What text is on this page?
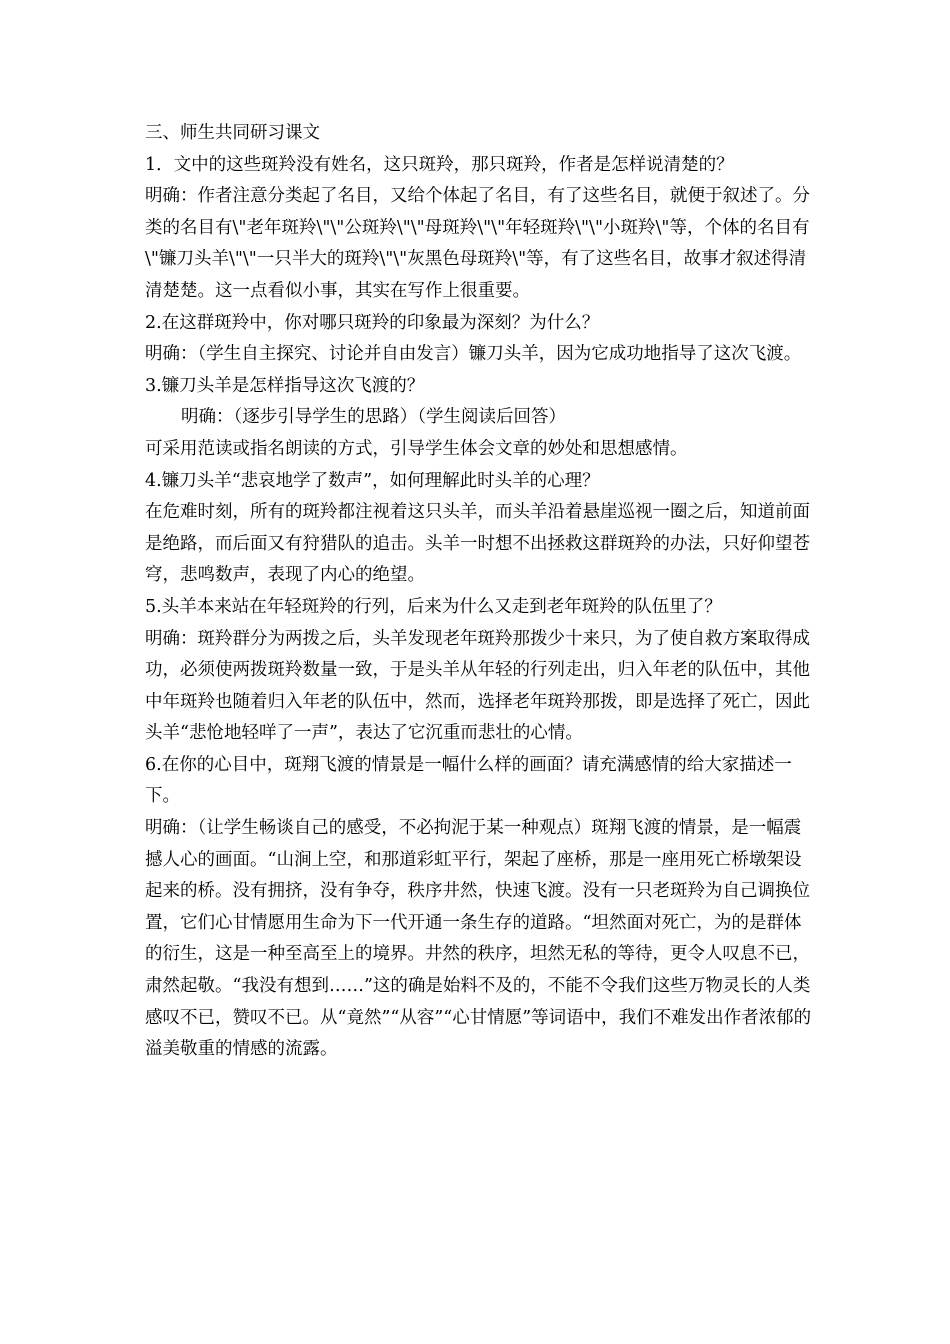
三、师生共同研习课文

1．文中的这些斑羚没有姓名，这只斑羚，那只斑羚，作者是怎样说清楚的？

明确：作者注意分类起了名目，又给个体起了名目，有了这些名目，就便于叙述了。分类的名目有\"老年斑羚\"\"公斑羚\"\"母斑羚\"\"年轻斑羚\"\"小斑羚\"等，个体的名目有\"镰刀头羊\"\"一只半大的斑羚\"\"灰黑色母斑羚\"等，有了这些名目，故事才叙述得清清楚楚。这一点看似小事，其实在写作上很重要。

2.在这群斑羚中，你对哪只斑羚的印象最为深刻？为什么？

明确：（学生自主探究、讨论并自由发言）镰刀头羊，因为它成功地指导了这次飞渡。

3.镰刀头羊是怎样指导这次飞渡的？

明确：（逐步引导学生的思路）（学生阅读后回答）

可采用范读或指名朗读的方式，引导学生体会文章的妙处和思想感情。

4.镰刀头羊“悲哀地学了数声”，如何理解此时头羊的心理？

在危难时刻，所有的斑羚都注视着这只头羊，而头羊沿着悬崖巡视一圈之后，知道前面是绝路，而后面又有狩猎队的追击。头羊一时想不出拯救这群斑羚的办法，只好仰望苍穹，悲鸣数声，表现了内心的绝望。

5.头羊本来站在年轻斑羚的行列，后来为什么又走到老年斑羚的队伍里了？

明确：斑羚群分为两拨之后，头羊发现老年斑羚那拨少十来只，为了使自救方案取得成功，必须使两拨斑羚数量一致，于是头羊从年轻的行列走出，归入年老的队伍中，其他中年斑羚也随着归入年老的队伍中，然而，选择老年斑羚那拨，即是选择了死亡，因此头羊“悲怆地轻咩了一声”，表达了它沉重而悲壮的心情。

6.在你的心目中，斑翔飞渡的情景是一幅什么样的画面？请充满感情的给大家描述一下。

明确：（让学生畅谈自己的感受，不必拘泥于某一种观点）斑翔飞渡的情景，是一幅震撼人心的画面。“山涧上空，和那道彩虹平行，架起了座桥，那是一座用死亡桥墩架设起来的桥。没有拥挤，没有争夺，秩序井然，快速飞渡。没有一只老斑羚为自己调换位置，它们心甘情愿用生命为下一代开通一条生存的道路。“坦然面对死亡，为的是群体的衍生，这是一种至高至上的境界。井然的秩序，坦然无私的等待，更令人叹息不已，肃然起敬。“我没有想到……”这的确是始料不及的，不能不令我们这些万物灵长的人类感叹不已，赞叹不已。从“竟然”“从容”“心甘情愿”等词语中，我们不难发出作者浓郁的溢美敬重的情感的流露。
